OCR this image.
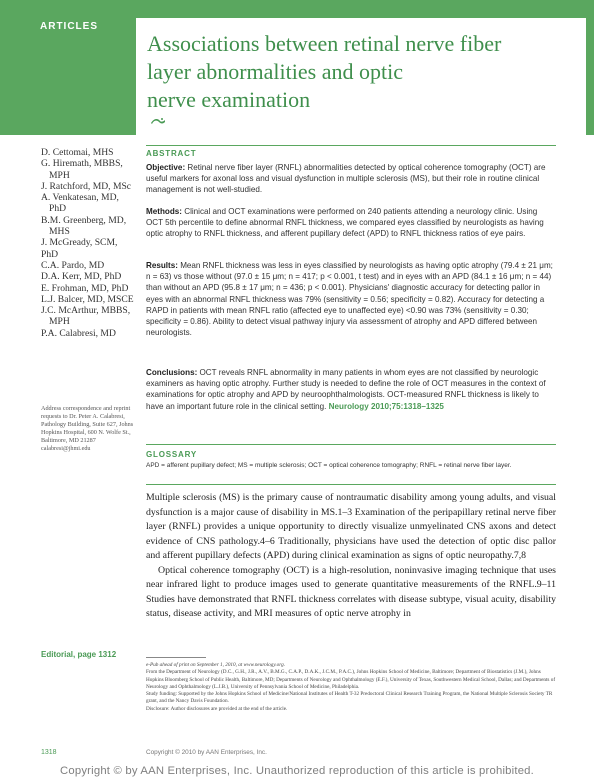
ARTICLES
Associations between retinal nerve fiber
layer abnormalities and optic
nerve examination
D. Cettomai, MHS
G. Hiremath, MBBS,
MPH
J. Ratchford, MD, MSc
A. Venkatesan, MD,
PhD
B.M. Greenberg, MD,
MHS
J. McGready, SCM, PhD
C.A. Pardo, MD
D.A. Kerr, MD, PhD
E. Frohman, MD, PhD
L.J. Balcer, MD, MSCE
J.C. McArthur, MBBS,
MPH
P.A. Calabresi, MD
Address correspondence and reprint requests to Dr. Peter A. Calabresi, Pathology Building, Suite 627, Johns Hopkins Hospital, 600 N. Wolfe St., Baltimore, MD 21287 calabresi@jhmi.edu
Editorial, page 1312
ABSTRACT
Objective: Retinal nerve fiber layer (RNFL) abnormalities detected by optical coherence tomography (OCT) are useful markers for axonal loss and visual dysfunction in multiple sclerosis (MS), but their role in routine clinical management is not well-studied.
Methods: Clinical and OCT examinations were performed on 240 patients attending a neurology clinic. Using OCT 5th percentile to define abnormal RNFL thickness, we compared eyes classified by neurologists as having optic atrophy to RNFL thickness, and afferent pupillary defect (APD) to RNFL thickness ratios of eye pairs.
Results: Mean RNFL thickness was less in eyes classified by neurologists as having optic atrophy (79.4 ± 21 μm; n = 63) vs those without (97.0 ± 15 μm; n = 417; p < 0.001, t test) and in eyes with an APD (84.1 ± 16 μm; n = 44) than without an APD (95.8 ± 17 μm; n = 436; p < 0.001). Physicians' diagnostic accuracy for detecting pallor in eyes with an abnormal RNFL thickness was 79% (sensitivity = 0.56; specificity = 0.82). Accuracy for detecting a RAPD in patients with mean RNFL ratio (affected eye to unaffected eye) <0.90 was 73% (sensitivity = 0.30; specificity = 0.86). Ability to detect visual pathway injury via assessment of atrophy and APD differed between neurologists.
Conclusions: OCT reveals RNFL abnormality in many patients in whom eyes are not classified by neurologic examiners as having optic atrophy. Further study is needed to define the role of OCT measures in the context of examinations for optic atrophy and APD by neuroophthalmologists. OCT-measured RNFL thickness is likely to have an important future role in the clinical setting. Neurology 2010;75:1318–1325
GLOSSARY
APD = afferent pupillary defect; MS = multiple sclerosis; OCT = optical coherence tomography; RNFL = retinal nerve fiber layer.

Multiple sclerosis (MS) is the primary cause of nontraumatic disability among young adults, and visual dysfunction is a major cause of disability in MS.1–3 Examination of the peripapillary retinal nerve fiber layer (RNFL) provides a unique opportunity to directly visualize unmyelinated CNS axons and detect evidence of CNS pathology.4–6 Traditionally, physicians have used the detection of optic disc pallor and afferent pupillary defects (APD) during clinical examination as signs of optic neuropathy.7,8

Optical coherence tomography (OCT) is a high-resolution, noninvasive imaging technique that uses near infrared light to produce images used to generate quantitative measurements of the RNFL.9–11 Studies have demonstrated that RNFL thickness correlates with disease subtype, visual acuity, disability status, disease activity, and MRI measures of optic nerve atrophy in

e-Pub ahead of print on September 1, 2010, at www.neurology.org.
From the Department of Neurology (D.C., G.H., J.R., A.V., B.M.G., C.A.P., D.A.K., J.C.M., P.A.C.), Johns Hopkins School of Medicine, Baltimore; Department of Biostatistics (J.M.), Johns Hopkins Bloomberg School of Public Health, Baltimore, MD; Departments of Neurology and Ophthalmology (E.F.), University of Texas, Southwestern Medical School, Dallas; and Departments of Neurology and Ophthalmology (L.J.B.), University of Pennsylvania School of Medicine, Philadelphia.
Study funding: Supported by the Johns Hopkins School of Medicine/National Institutes of Health T-32 Predoctoral Clinical Research Training Program, the National Multiple Sclerosis Society TR grant, and the Nancy Davis Foundation.
Disclosure: Author disclosures are provided at the end of the article.
1318	Copyright © 2010 by AAN Enterprises, Inc.
Copyright © by AAN Enterprises, Inc. Unauthorized reproduction of this article is prohibited.
